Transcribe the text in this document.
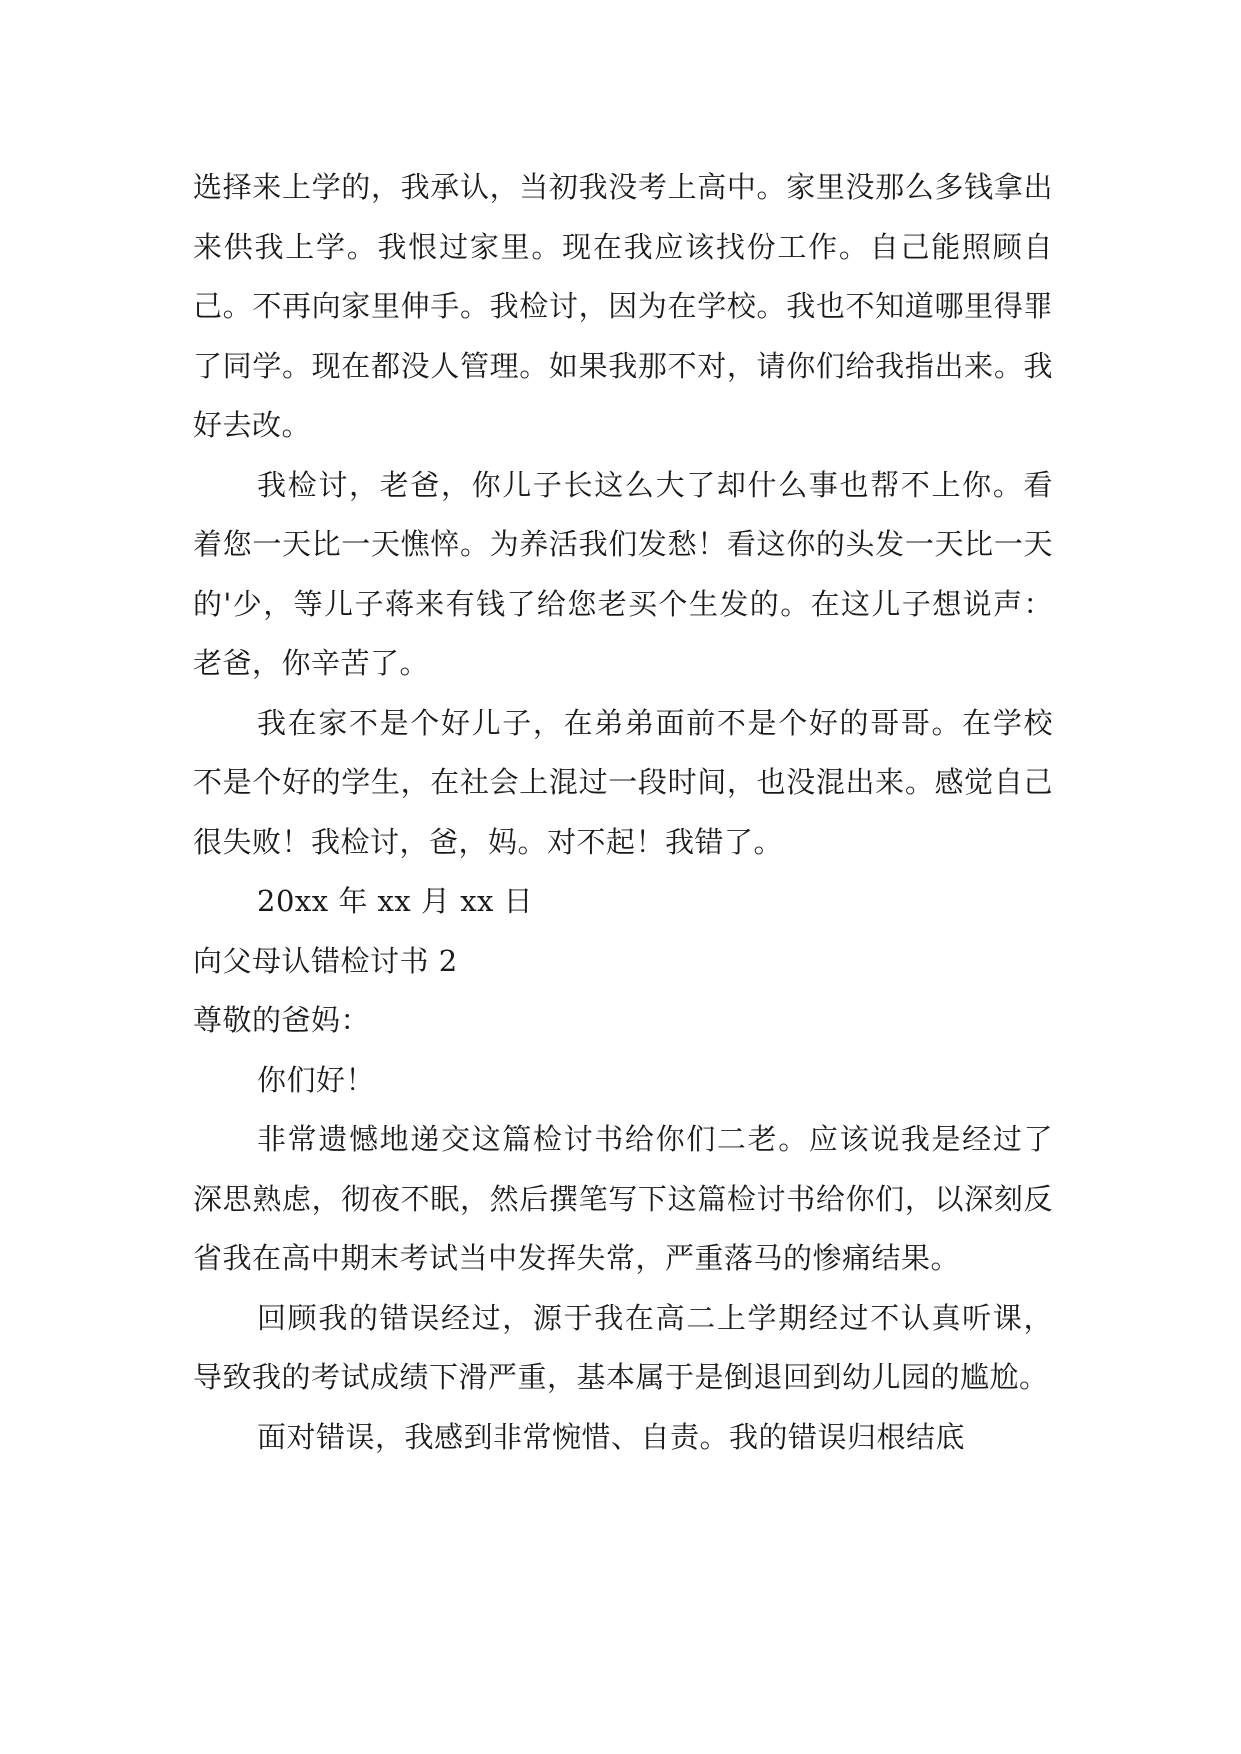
选择来上学的，我承认，当初我没考上高中。家里没那么多钱拿出来供我上学。我恨过家里。现在我应该找份工作。自己能照顾自己。不再向家里伸手。我检讨，因为在学校。我也不知道哪里得罪了同学。现在都没人管理。如果我那不对，请你们给我指出来。我好去改。

我检讨，老爸，你儿子长这么大了却什么事也帮不上你。看着您一天比一天憔悴。为养活我们发愁！看这你的头发一天比一天的'少，等儿子蒋来有钱了给您老买个生发的。在这儿子想说声：老爸，你辛苦了。

我在家不是个好儿子，在弟弟面前不是个好的哥哥。在学校不是个好的学生，在社会上混过一段时间，也没混出来。感觉自己很失败！我检讨，爸，妈。对不起！我错了。

20xx 年 xx 月 xx 日

向父母认错检讨书 2

尊敬的爸妈：

你们好！

非常遗憾地递交这篇检讨书给你们二老。应该说我是经过了深思熟虑，彻夜不眠，然后撰笔写下这篇检讨书给你们，以深刻反省我在高中期末考试当中发挥失常，严重落马的惨痛结果。

回顾我的错误经过，源于我在高二上学期经过不认真听课，导致我的考试成绩下滑严重，基本属于是倒退回到幼儿园的尴尬。

面对错误，我感到非常惋惜、自责。我的错误归根结底
